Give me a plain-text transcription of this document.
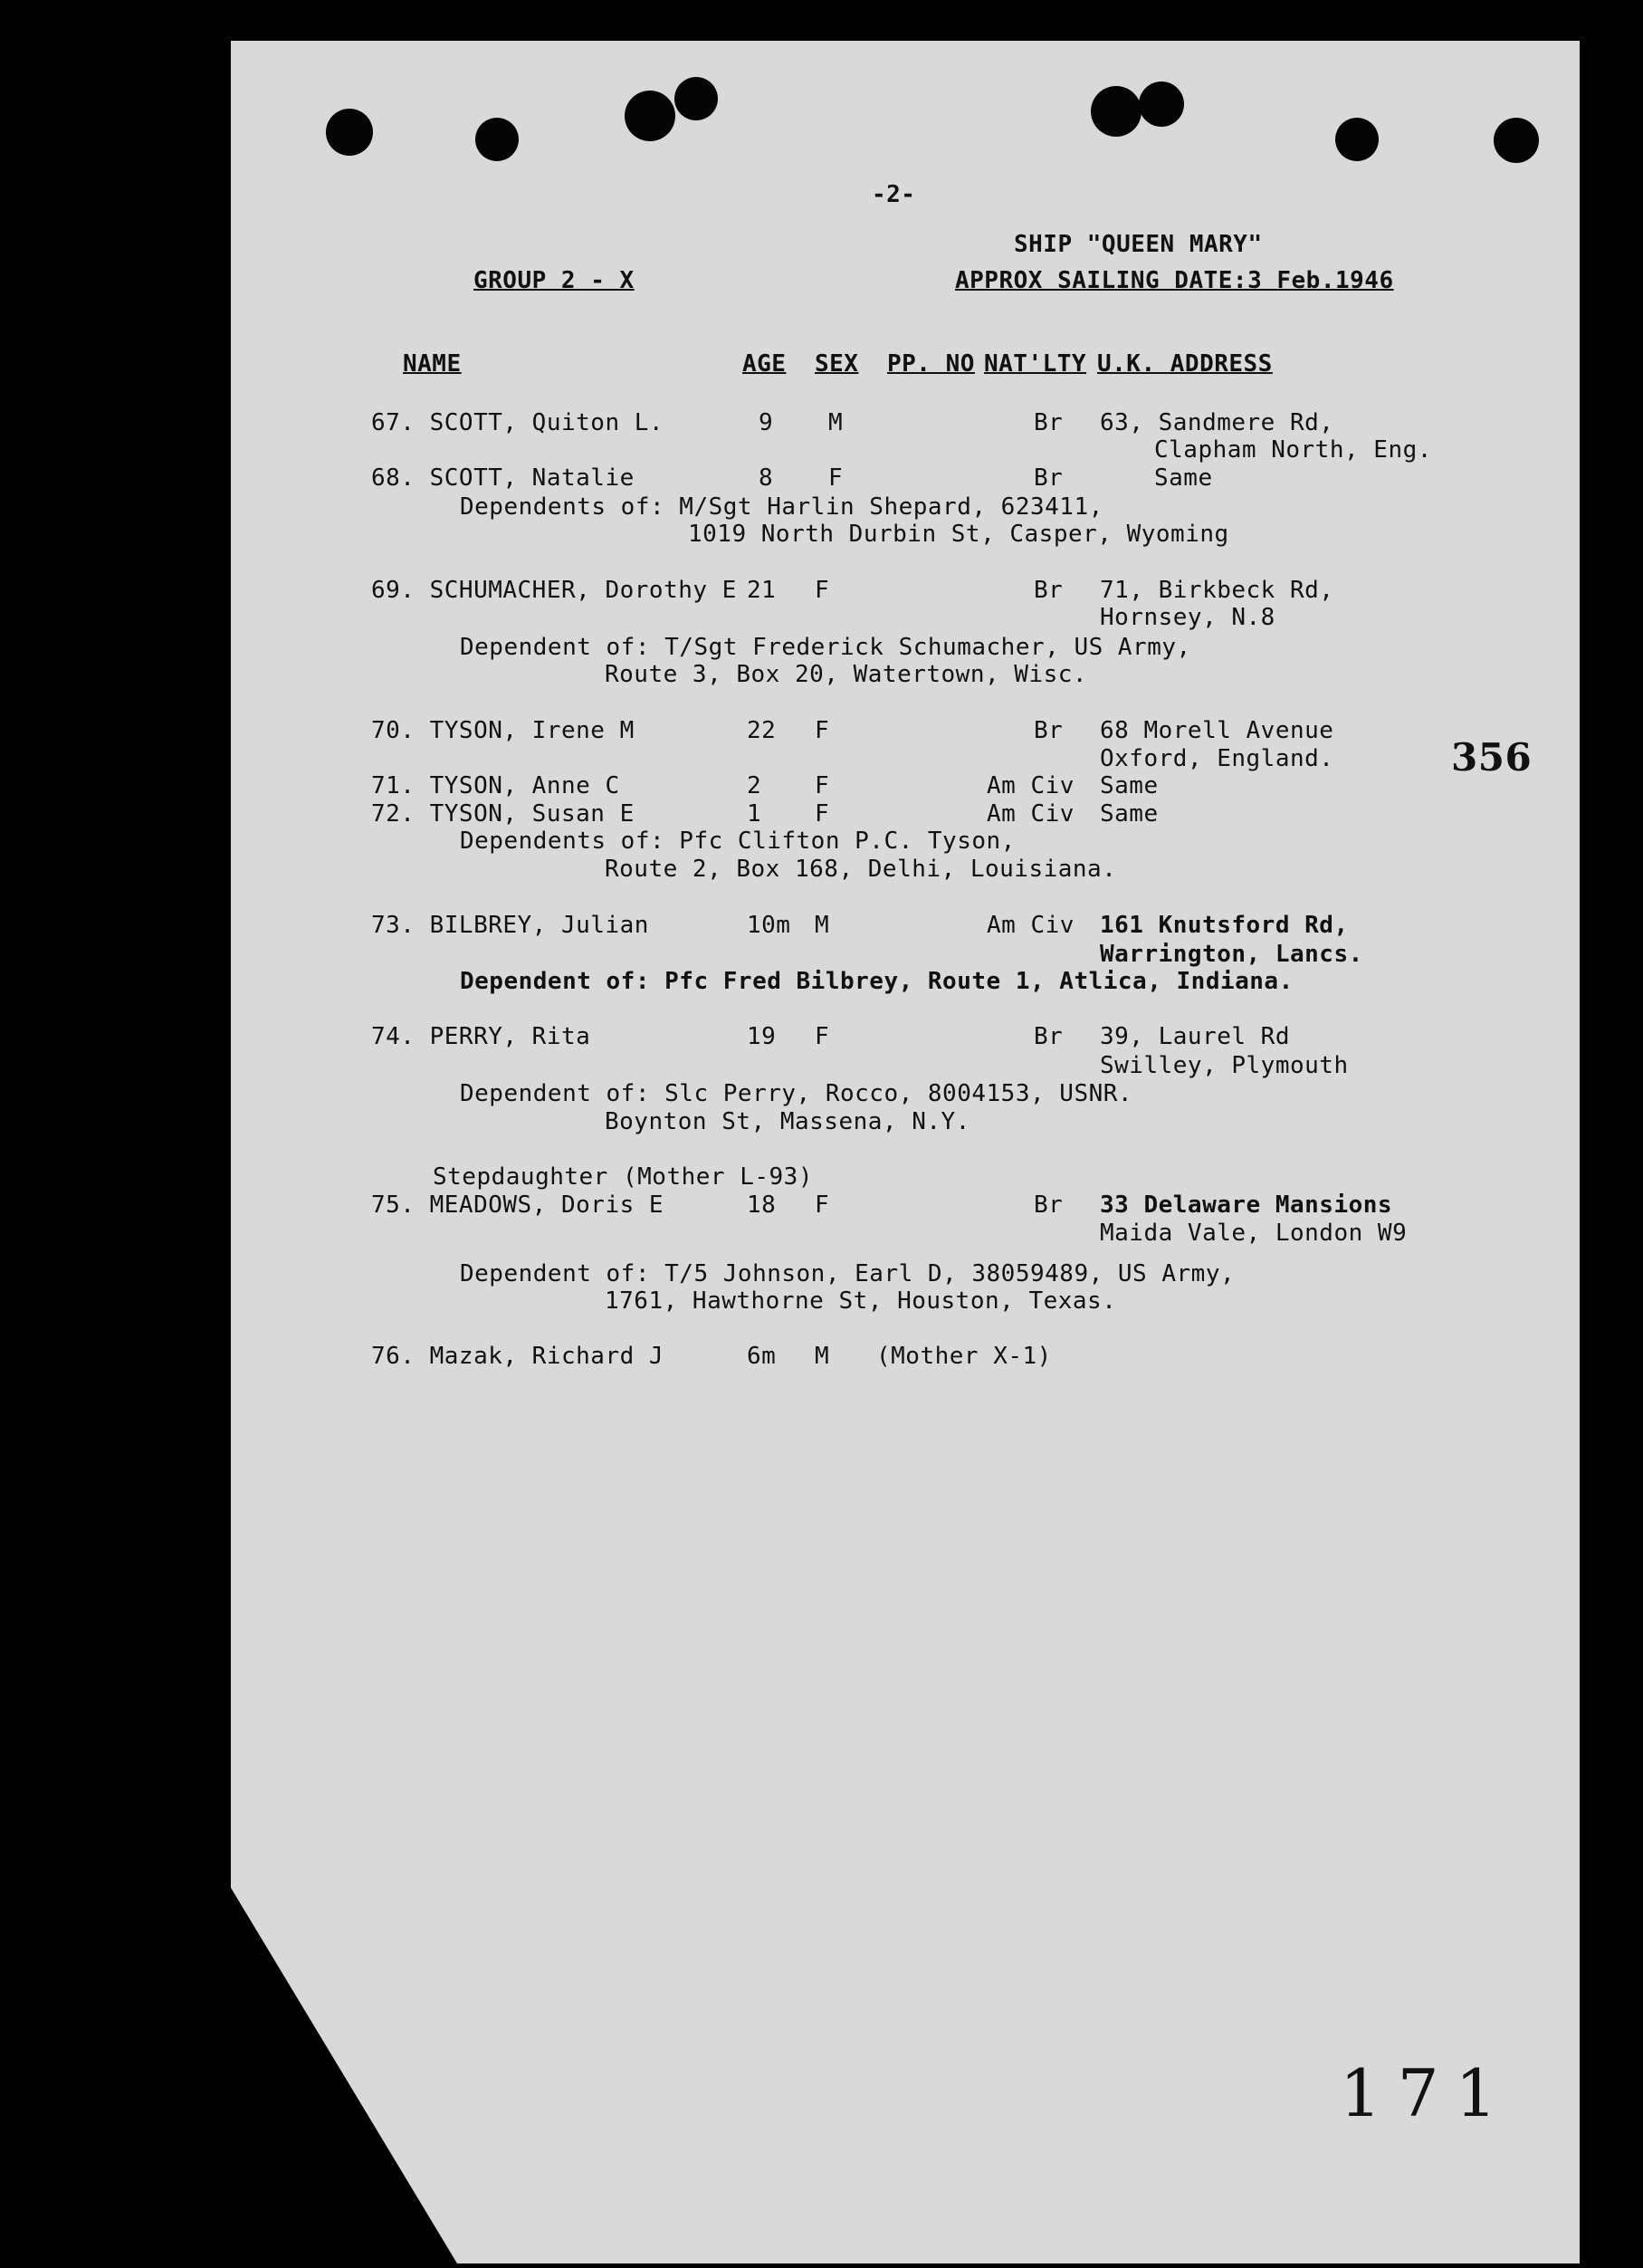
-2-
SHIP "QUEEN MARY"
GROUP 2 - X	APPROX SAILING DATE:3 Feb.1946
NAME	AGE SEX PP. NO NAT'LTY U.K. ADDRESS
67. SCOTT, Quiton L.	9 M	Br 63, Sandmere Rd,
Clapham North, Eng.
68. SCOTT, Natalie	8 F	Br	Same
Dependents of: M/Sgt Harlin Shepard, 623411,
1019 North Durbin St, Casper, Wyoming
69. SCHUMACHER, Dorothy E 21 F	Br 71, Birkbeck Rd,
Hornsey, N.8
Dependent of: T/Sgt Frederick Schumacher, US Army,
Route 3, Box 20, Watertown, Wisc.
70. TYSON, Irene M	22 F	Br 68 Morell Avenue
Oxford, England.
71. TYSON, Anne C	2 F	Am Civ Same
72. TYSON, Susan E	1 F	Am Civ Same
Dependents of: Pfc Clifton P.C. Tyson,
Route 2, Box 168, Delhi, Louisiana.
73. BILBREY, Julian	10m M	Am Civ 161 Knutsford Rd,
Warrington, Lancs.
Dependent of: Pfc Fred Bilbrey, Route 1, Atlica, Indiana.
74. PERRY, Rita	19 F	Br 39, Laurel Rd
Swilley, Plymouth
Dependent of: Slc Perry, Rocco, 8004153, USNR.
Boynton St, Massena, N.Y.
Stepdaughter (Mother L-93)
75. MEADOWS, Doris E	18 F	Br 33 Delaware Mansions
Maida Vale, London W9
Dependent of: T/5 Johnson, Earl D, 38059489, US Army,
1761, Hawthorne St, Houston, Texas.
76. Mazak, Richard J	6m M (Mother X-1)
356
171
